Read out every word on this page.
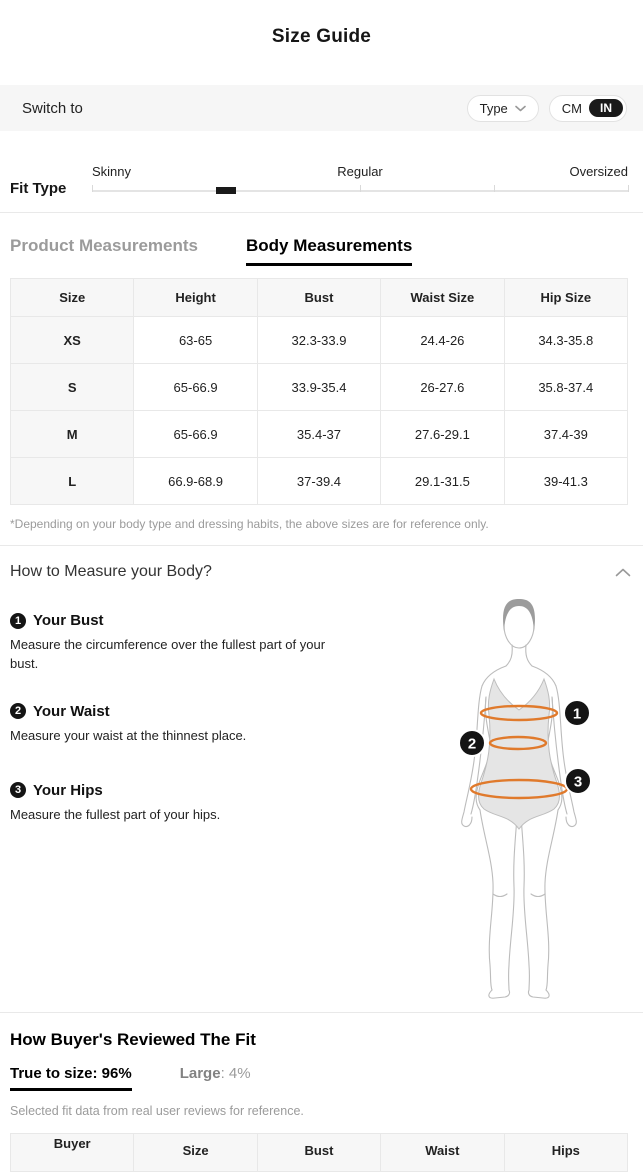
Size Guide
Switch to	Type	CM	IN
Fit Type
Skinny	Regular	Oversized
Product Measurements	Body Measurements
Size	Height	Bust	Waist Size	Hip Size
XS	63-65	32.3-33.9	24.4-26	34.3-35.8
S	65-66.9	33.9-35.4	26-27.6	35.8-37.4
M	65-66.9	35.4-37	27.6-29.1	37.4-39
L	66.9-68.9	37-39.4	29.1-31.5	39-41.3
*Depending on your body type and dressing habits, the above sizes are for reference only.
How to Measure your Body?
1 Your Bust
Measure the circumference over the fullest part of your bust.
2 Your Waist
Measure your waist at the thinnest place.
3 Your Hips
Measure the fullest part of your hips.
1
2
3
How Buyer's Reviewed The Fit
True to size: 96%	Large: 4%
Selected fit data from real user reviews for reference.
Buyer	Size	Bust	Waist	Hips
